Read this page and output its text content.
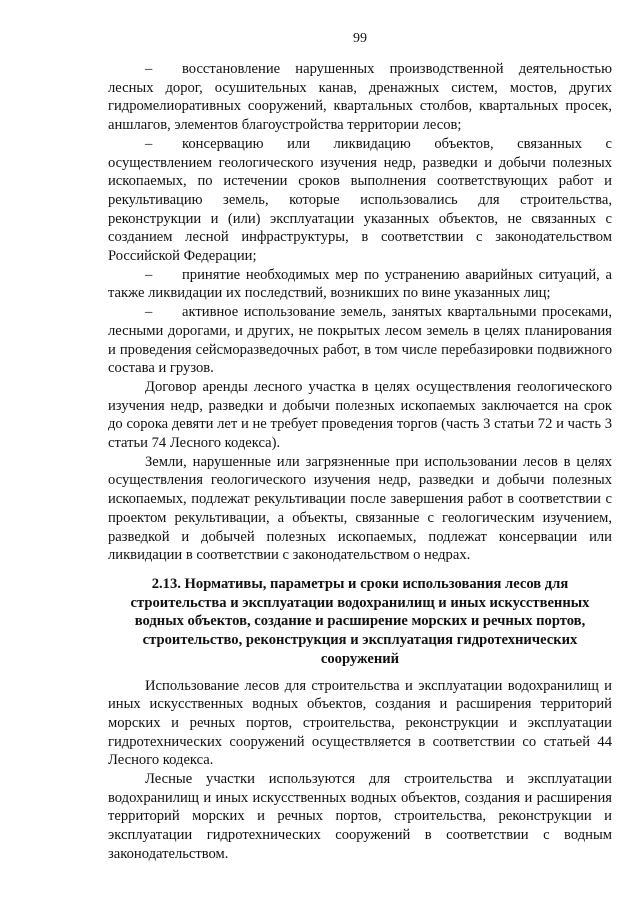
99

– восстановление нарушенных производственной деятельностью лесных дорог, осушительных канав, дренажных систем, мостов, других гидромелиоративных сооружений, квартальных столбов, квартальных просек, аншлагов, элементов благоустройства территории лесов;

– консервацию или ликвидацию объектов, связанных с осуществлением геологического изучения недр, разведки и добычи полезных ископаемых, по истечении сроков выполнения соответствующих работ и рекультивацию земель, которые использовались для строительства, реконструкции и (или) эксплуатации указанных объектов, не связанных с созданием лесной инфраструктуры, в соответствии с законодательством Российской Федерации;

– принятие необходимых мер по устранению аварийных ситуаций, а также ликвидации их последствий, возникших по вине указанных лиц;

– активное использование земель, занятых квартальными просеками, лесными дорогами, и других, не покрытых лесом земель в целях планирования и проведения сейсморазведочных работ, в том числе перебазировки подвижного состава и грузов.

Договор аренды лесного участка в целях осуществления геологического изучения недр, разведки и добычи полезных ископаемых заключается на срок до сорока девяти лет и не требует проведения торгов (часть 3 статьи 72 и часть 3 статьи 74 Лесного кодекса).

Земли, нарушенные или загрязненные при использовании лесов в целях осуществления геологического изучения недр, разведки и добычи полезных ископаемых, подлежат рекультивации после завершения работ в соответствии с проектом рекультивации, а объекты, связанные с геологическим изучением, разведкой и добычей полезных ископаемых, подлежат консервации или ликвидации в соответствии с законодательством о недрах.

2.13. Нормативы, параметры и сроки использования лесов для строительства и эксплуатации водохранилищ и иных искусственных водных объектов, создание и расширение морских и речных портов, строительство, реконструкция и эксплуатация гидротехнических сооружений

Использование лесов для строительства и эксплуатации водохранилищ и иных искусственных водных объектов, создания и расширения территорий морских и речных портов, строительства, реконструкции и эксплуатации гидротехнических сооружений осуществляется в соответствии со статьей 44 Лесного кодекса.

Лесные участки используются для строительства и эксплуатации водохранилищ и иных искусственных водных объектов, создания и расширения территорий морских и речных портов, строительства, реконструкции и эксплуатации гидротехнических сооружений в соответствии с водным законодательством.
